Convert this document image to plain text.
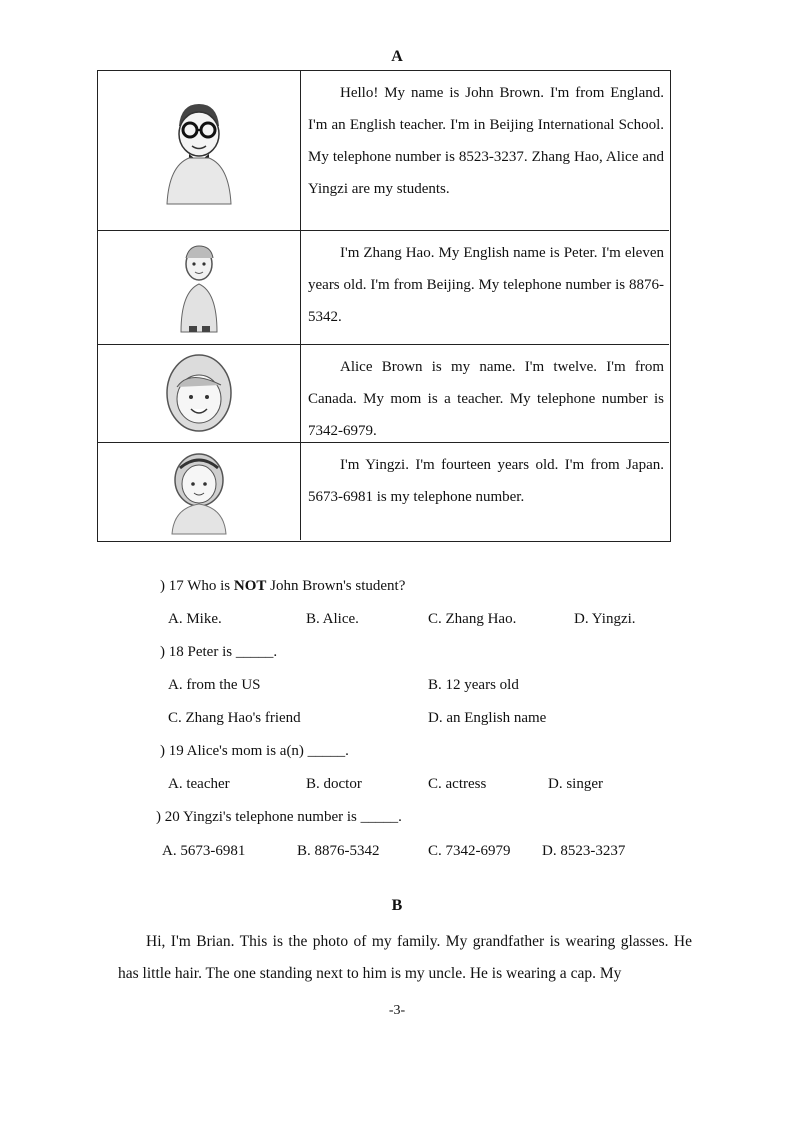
A
Hello! My name is John Brown. I'm from England. I'm an English teacher. I'm in Beijing International School. My telephone number is 8523-3237. Zhang Hao, Alice and Yingzi are my students.
I'm Zhang Hao. My English name is Peter. I'm eleven years old. I'm from Beijing. My telephone number is 8876-5342.
Alice Brown is my name. I'm twelve. I'm from Canada. My mom is a teacher. My telephone number is 7342-6979.
I'm Yingzi. I'm fourteen years old. I'm from Japan. 5673-6981 is my telephone number.
) 17 Who is NOT John Brown's student?
A. Mike.	B. Alice.	C. Zhang Hao.	D. Yingzi.
) 18 Peter is _____.
A. from the US	B. 12 years old
C. Zhang Hao's friend	D. an English name
) 19 Alice's mom is a(n) _____.
A. teacher	B. doctor	C. actress	D. singer
) 20 Yingzi's telephone number is _____.
A. 5673-6981	B. 8876-5342	C. 7342-6979 D. 8523-3237
B
Hi, I'm Brian. This is the photo of my family. My grandfather is wearing glasses. He has little hair. The one standing next to him is my uncle. He is wearing a cap. My
-3-
